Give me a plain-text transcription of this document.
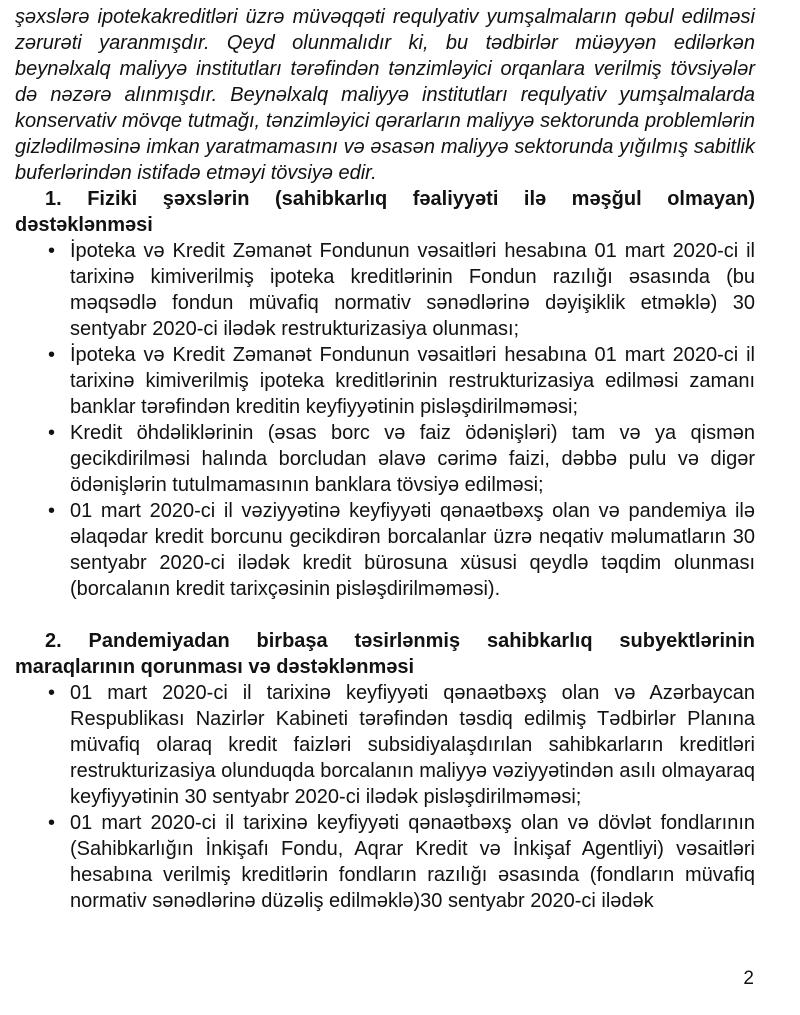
şəxslərə ipotekakreditləri üzrə müvəqqəti requlyativ yumşalmaların qəbul edilməsi zərurəti yaranmışdır. Qeyd olunmalıdır ki, bu tədbirlər müəyyən edilərkən beynəlxalq maliyyə institutları tərəfindən tənzimləyici orqanlara verilmiş tövsiyələr də nəzərə alınmışdır. Beynəlxalq maliyyə institutları requlyativ yumşalmalarda konservativ mövqe tutmağı, tənzimləyici qərarların maliyyə sektorunda problemlərin gizlədilməsinə imkan yaratmamasını və əsasən maliyyə sektorunda yığılmış sabitlik buferlərindən istifadə etməyi tövsiyə edir.

1. Fiziki şəxslərin (sahibkarlıq fəaliyyəti ilə məşğul olmayan) dəstəklənməsi
• İpoteka və Kredit Zəmanət Fondunun vəsaitləri hesabına 01 mart 2020-ci il tarixinə kimiverilmiş ipoteka kreditlərinin Fondun razılığı əsasında (bu məqsədlə fondun müvafiq normativ sənədlərinə dəyişiklik etməklə) 30 sentyabr 2020-ci ilədək restrukturizasiya olunması;
• İpoteka və Kredit Zəmanət Fondunun vəsaitləri hesabına 01 mart 2020-ci il tarixinə kimiverilmiş ipoteka kreditlərinin restrukturizasiya edilməsi zamanı banklar tərəfindən kreditin keyfiyyətinin pisləşdirilməməsi;
• Kredit öhdəliklərinin (əsas borc və faiz ödənişləri) tam və ya qismən gecikdirilməsi halında borcludan əlavə cərimə faizi, dəbbə pulu və digər ödənişlərin tutulmamasının banklara tövsiyə edilməsi;
• 01 mart 2020-ci il vəziyyətinə keyfiyyəti qənaətbəxş olan və pandemiya ilə əlaqədar kredit borcunu gecikdirən borcalanlar üzrə neqativ məlumatların 30 sentyabr 2020-ci ilədək kredit bürosuna xüsusi qeydlə təqdim olunması (borcalanın kredit tarixçəsinin pisləşdirilməməsi).
2. Pandemiyadan birbaşa təsirlənmiş sahibkarlıq subyektlərinin maraqlarının qorunması və dəstəklənməsi
• 01 mart 2020-ci il tarixinə keyfiyyəti qənaətbəxş olan və Azərbaycan Respublikası Nazirlər Kabineti tərəfindən təsdiq edilmiş Tədbirlər Planına müvafiq olaraq kredit faizləri subsidiyalaşdırılan sahibkarların kreditləri restrukturizasiya olunduqda borcalanın maliyyə vəziyyətindən asılı olmayaraq keyfiyyətinin 30 sentyabr 2020-ci ilədək pisləşdirilməməsi;
• 01 mart 2020-ci il tarixinə keyfiyyəti qənaətbəxş olan və dövlət fondlarının (Sahibkarlığın İnkişafı Fondu, Aqrar Kredit və İnkişaf Agentliyi) vəsaitləri hesabına verilmiş kreditlərin fondların razılığı əsasında (fondların müvafiq normativ sənədlərinə düzəliş edilməklə)30 sentyabr 2020-ci ilədək
2
